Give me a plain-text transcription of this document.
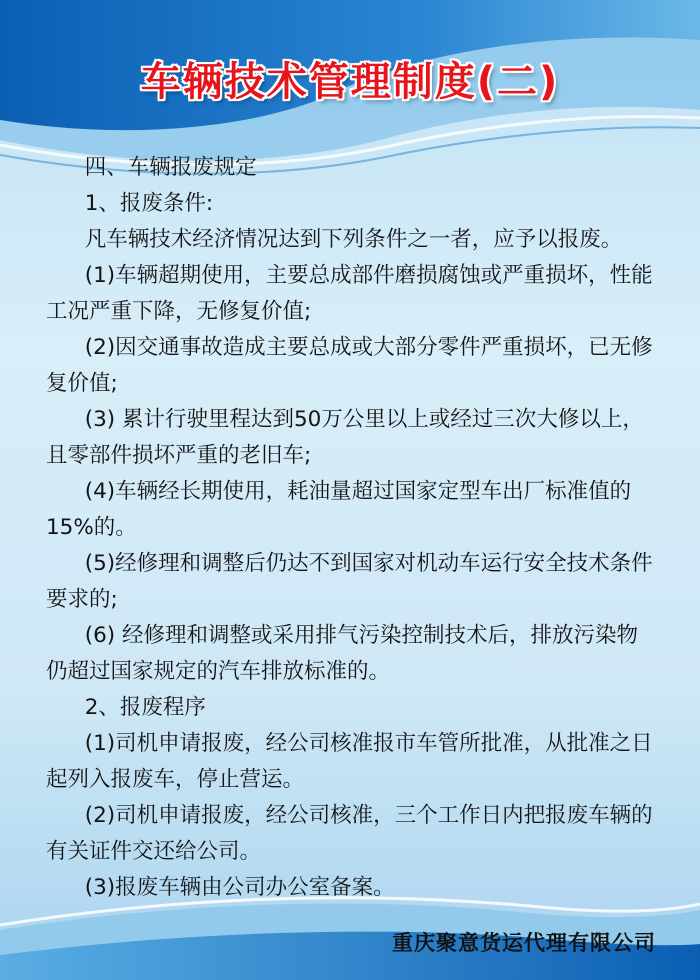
车辆技术管理制度(二)

四、车辆报废规定

1、报废条件:

凡车辆技术经济情况达到下列条件之一者，应予以报废。

(1)车辆超期使用，主要总成部件磨损腐蚀或严重损坏，性能工况严重下降，无修复价值;

(2)因交通事故造成主要总成或大部分零件严重损坏，已无修复价值;

(3) 累计行驶里程达到50万公里以上或经过三次大修以上，且零部件损坏严重的老旧车;

(4)车辆经长期使用，耗油量超过国家定型车出厂标准值的15%的。

(5)经修理和调整后仍达不到国家对机动车运行安全技术条件要求的;

(6) 经修理和调整或采用排气污染控制技术后，排放污染物仍超过国家规定的汽车排放标准的。

2、报废程序

(1)司机申请报废，经公司核准报市车管所批准，从批准之日起列入报废车，停止营运。

(2)司机申请报废，经公司核准，三个工作日内把报废车辆的有关证件交还给公司。

(3)报废车辆由公司办公室备案。

重庆聚意货运代理有限公司
